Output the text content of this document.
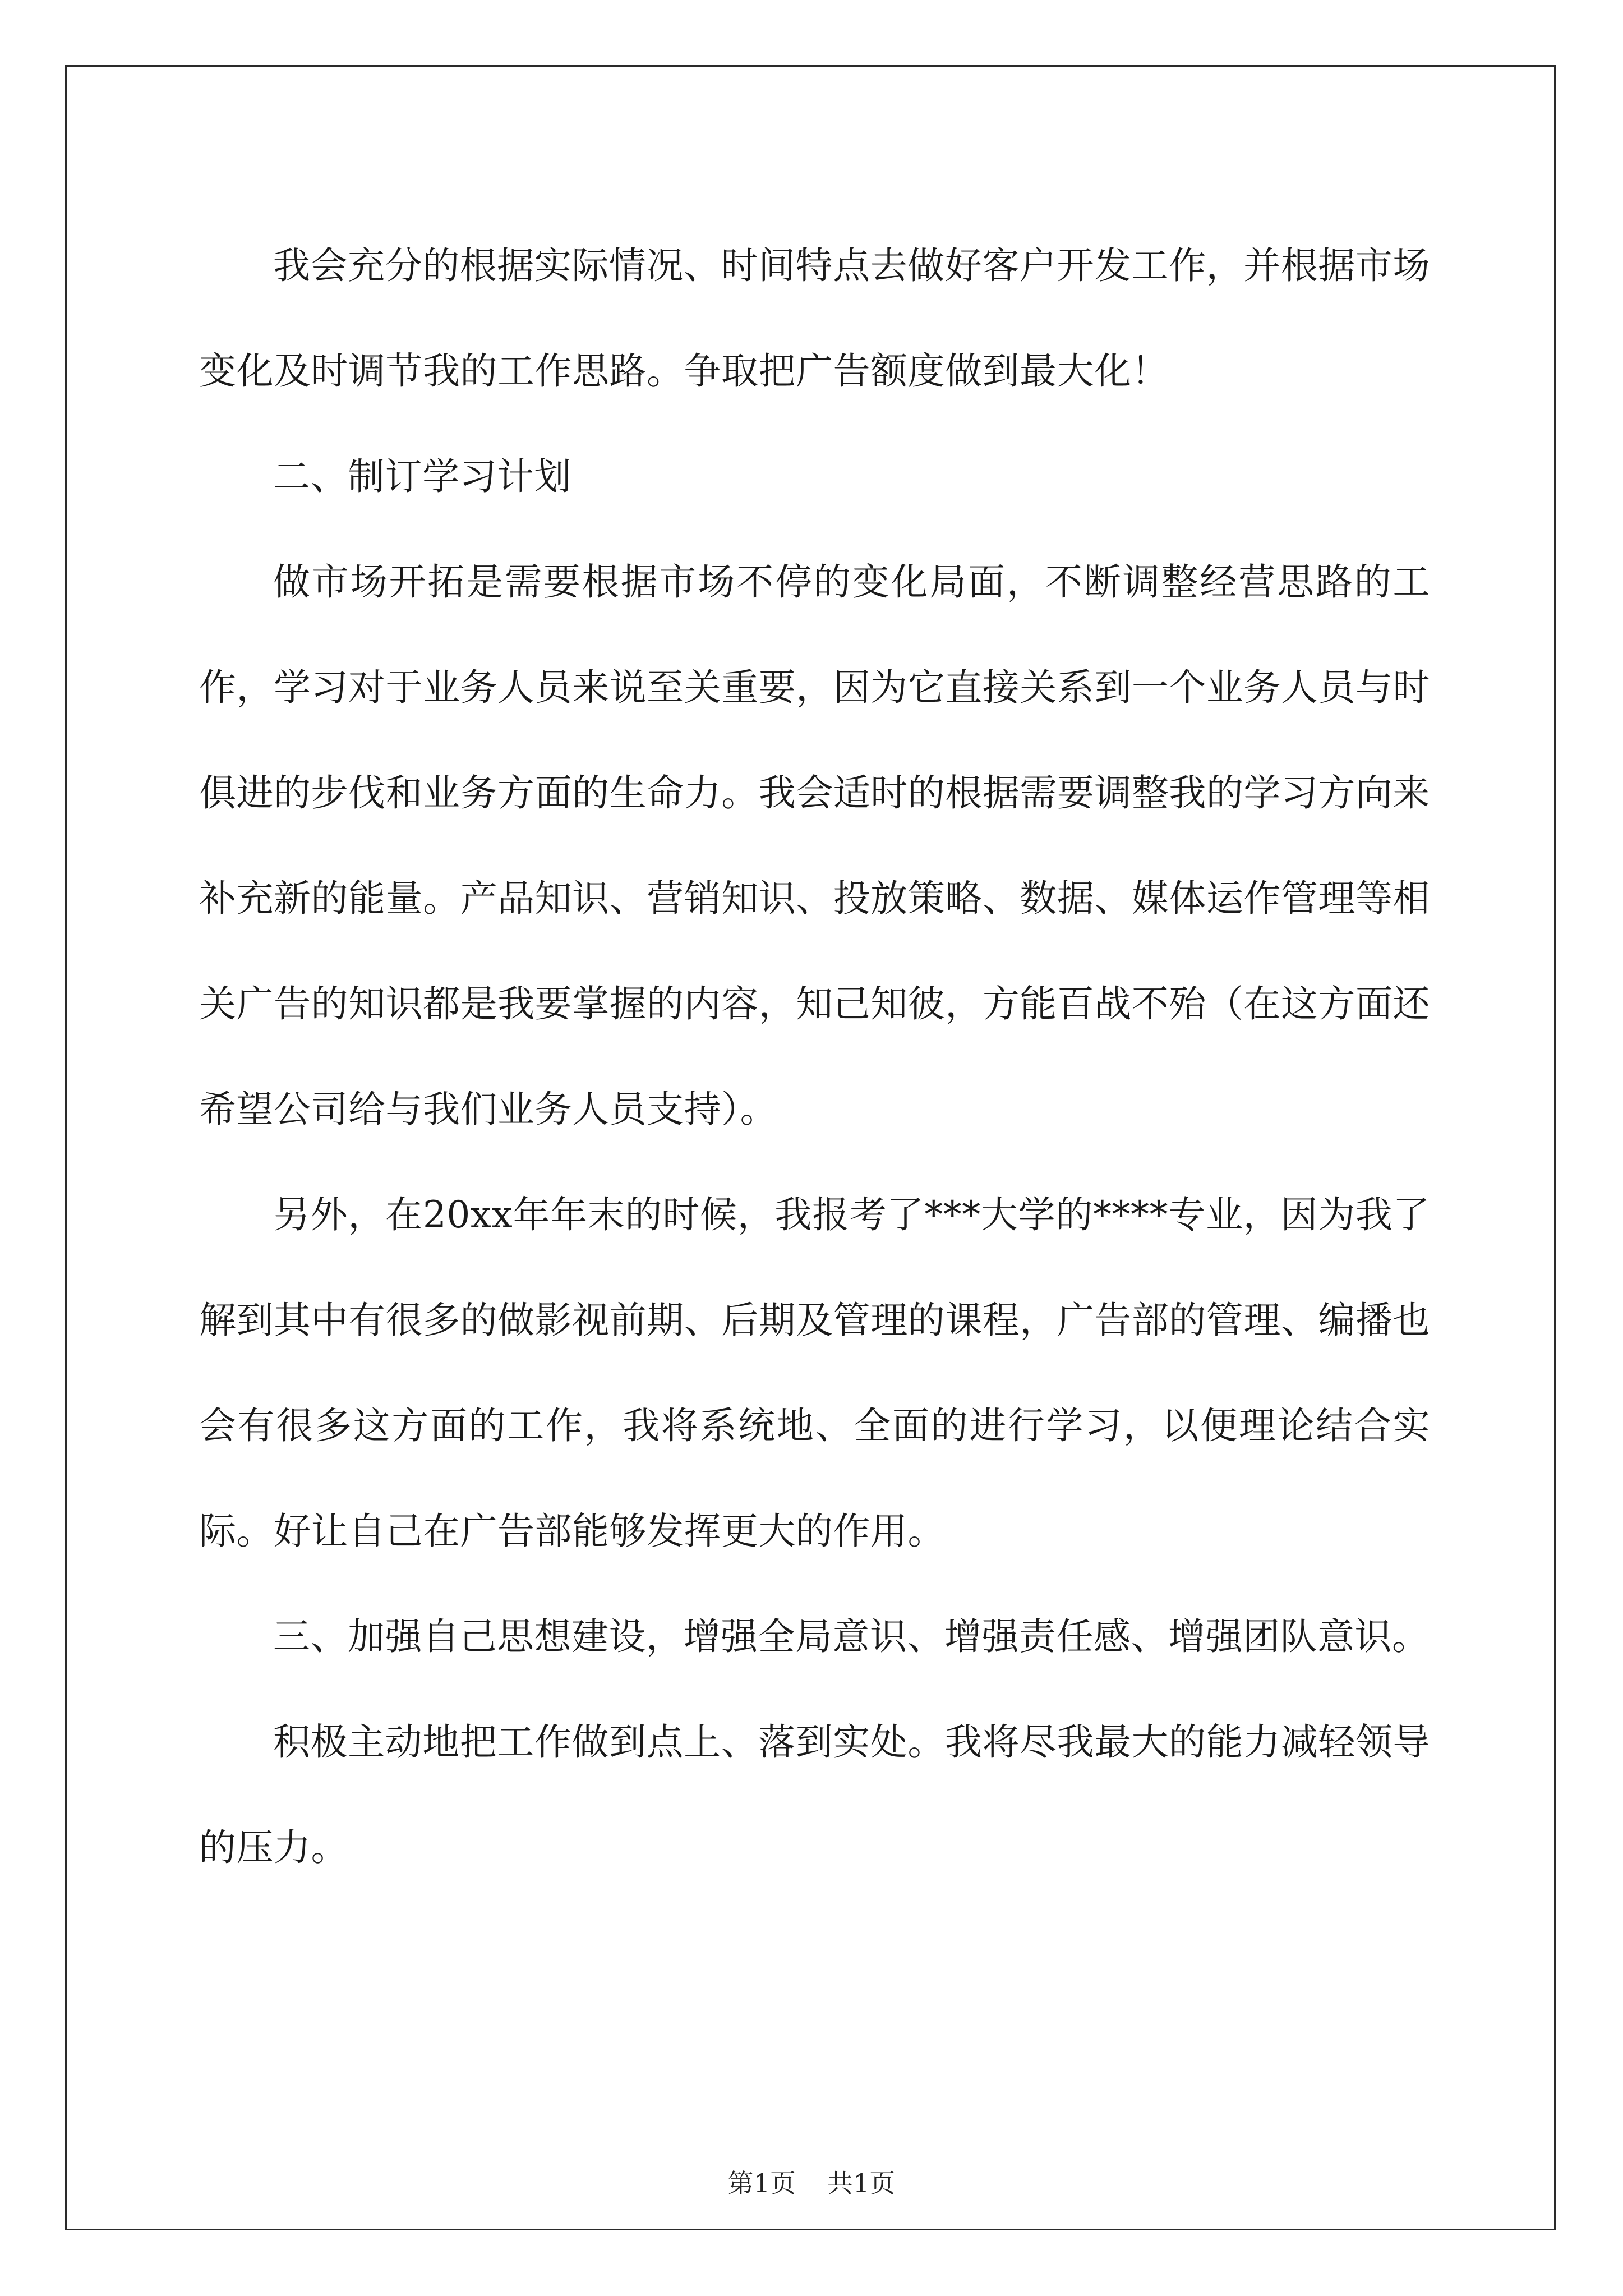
我会充分的根据实际情况、时间特点去做好客户开发工作，并根据市场变化及时调节我的工作思路。争取把广告额度做到最大化！

二、制订学习计划

做市场开拓是需要根据市场不停的变化局面，不断调整经营思路的工作，学习对于业务人员来说至关重要，因为它直接关系到一个业务人员与时俱进的步伐和业务方面的生命力。我会适时的根据需要调整我的学习方向来补充新的能量。产品知识、营销知识、投放策略、数据、媒体运作管理等相关广告的知识都是我要掌握的内容，知己知彼，方能百战不殆（在这方面还希望公司给与我们业务人员支持）。

另外，在20xx年年末的时候，我报考了***大学的****专业，因为我了解到其中有很多的做影视前期、后期及管理的课程，广告部的管理、编播也会有很多这方面的工作，我将系统地、全面的进行学习，以便理论结合实际。好让自己在广告部能够发挥更大的作用。

三、加强自己思想建设，增强全局意识、增强责任感、增强团队意识。

积极主动地把工作做到点上、落到实处。我将尽我最大的能力减轻领导的压力。

第1页 共1页
